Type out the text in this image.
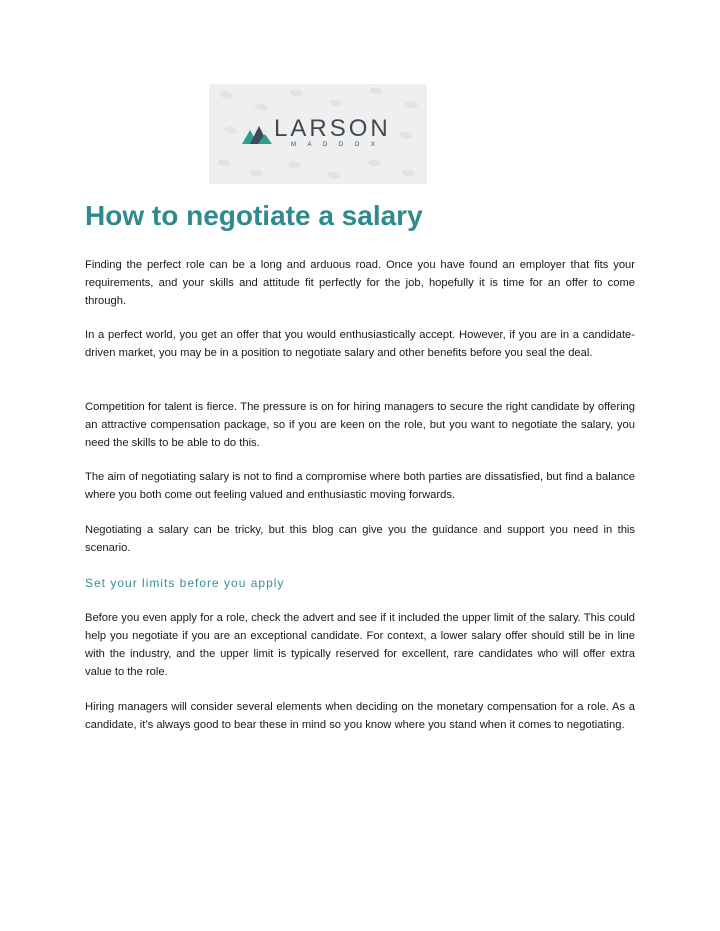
LARSON
MADDOX
How to negotiate a salary

Finding the perfect role can be a long and arduous road. Once you have found an employer that fits your requirements, and your skills and attitude fit perfectly for the job, hopefully it is time for an offer to come through.

In a perfect world, you get an offer that you would enthusiastically accept. However, if you are in a candidate-driven market, you may be in a position to negotiate salary and other benefits before you seal the deal.

Competition for talent is fierce. The pressure is on for hiring managers to secure the right candidate by offering an attractive compensation package, so if you are keen on the role, but you want to negotiate the salary, you need the skills to be able to do this.

The aim of negotiating salary is not to find a compromise where both parties are dissatisfied, but find a balance where you both come out feeling valued and enthusiastic moving forwards.

Negotiating a salary can be tricky, but this blog can give you the guidance and support you need in this scenario.

Set your limits before you apply

Before you even apply for a role, check the advert and see if it included the upper limit of the salary. This could help you negotiate if you are an exceptional candidate. For context, a lower salary offer should still be in line with the industry, and the upper limit is typically reserved for excellent, rare candidates who will offer extra value to the role.

Hiring managers will consider several elements when deciding on the monetary compensation for a role. As a candidate, it’s always good to bear these in mind so you know where you stand when it comes to negotiating.
